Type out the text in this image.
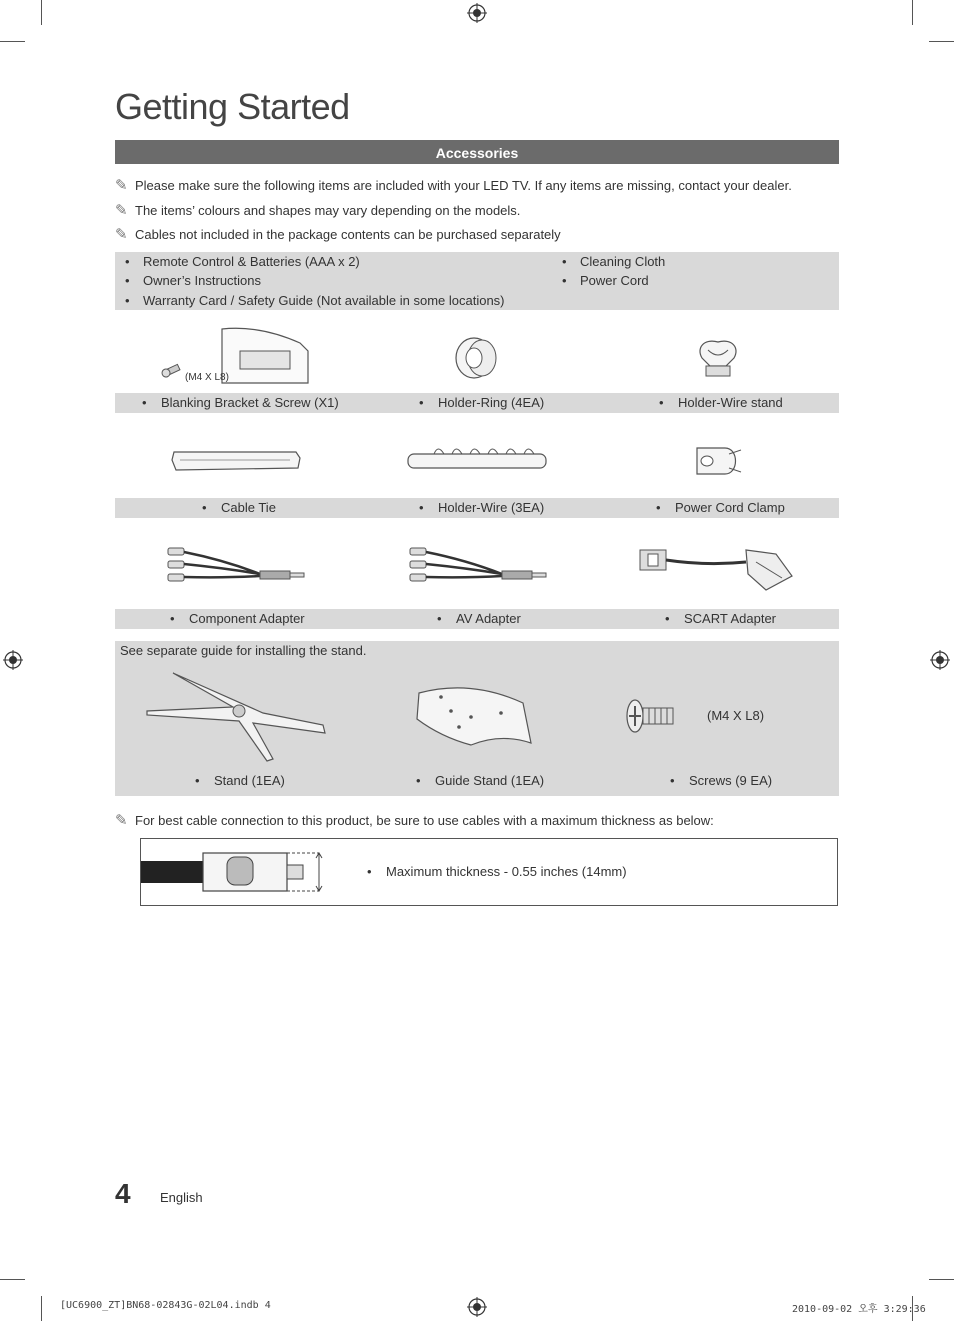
Getting Started
Accessories
✎ Please make sure the following items are included with your LED TV. If any items are missing, contact your dealer.
✎ The items’ colours and shapes may vary depending on the models.
✎ Cables not included in the package contents can be purchased separately
• Remote Control & Batteries (AAA x 2)
• Owner’s Instructions
• Warranty Card / Safety Guide (Not available in some locations)
• Cleaning Cloth
• Power Cord
(M4 X L8)
• Blanking Bracket & Screw (X1)	• Holder-Ring (4EA)	• Holder-Wire stand
• Cable Tie	• Holder-Wire (3EA)	• Power Cord Clamp
• Component Adapter	• AV Adapter	• SCART Adapter
See separate guide for installing the stand.
(M4 X L8)
• Stand (1EA)	• Guide Stand (1EA)	• Screws (9 EA)
✎ For best cable connection to this product, be sure to use cables with a maximum thickness as below:
• Maximum thickness - 0.55 inches (14mm)
4 English
[UC6900_ZT]BN68-02843G-02L04.indb 4	2010-09-02 오후 3:29:36
